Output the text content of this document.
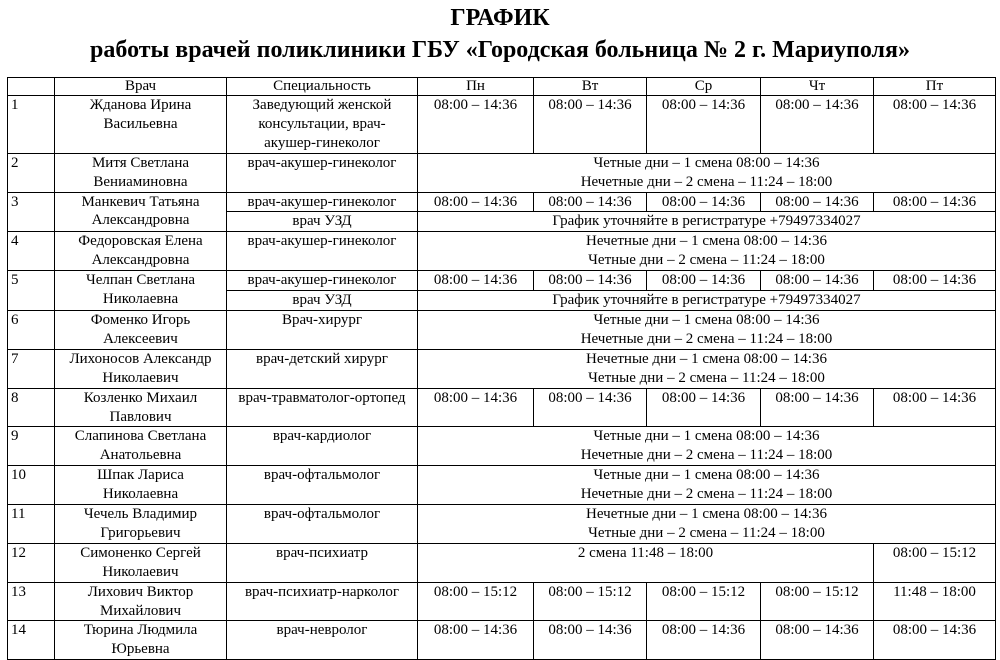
ГРАФИК
работы врачей поликлиники ГБУ «Городская больница № 2 г. Мариуполя»
	Врач	Специальность	Пн	Вт	Ср	Чт	Пт
1	Жданова Ирина
Васильевна	Заведующий женской
консультации, врач-
акушер-гинеколог	08:00 – 14:36	08:00 – 14:36	08:00 – 14:36	08:00 – 14:36	08:00 – 14:36
2	Митя Светлана
Вениаминовна	врач-акушер-гинеколог	Четные дни – 1 смена 08:00 – 14:36
Нечетные дни – 2 смена – 11:24 – 18:00				

3	Манкевич Татьяна
Александровна	врач-акушер-гинеколог	08:00 – 14:36	08:00 – 14:36	08:00 – 14:36	08:00 – 14:36	08:00 – 14:36
		врач УЗД	График уточняйте в регистратуре +79497334027				
4	Федоровская Елена
Александровна	врач-акушер-гинеколог	Нечетные дни – 1 смена 08:00 – 14:36
Четные дни – 2 смена – 11:24 – 18:00				

5	Челпан Светлана
Николаевна	врач-акушер-гинеколог	08:00 – 14:36	08:00 – 14:36	08:00 – 14:36	08:00 – 14:36	08:00 – 14:36
		врач УЗД	График уточняйте в регистратуре +79497334027				
6	Фоменко Игорь
Алексеевич	Врач-хирург	Четные дни – 1 смена 08:00 – 14:36
Нечетные дни – 2 смена – 11:24 – 18:00				

7	Лихоносов Александр
Николаевич	врач-детский хирург	Нечетные дни – 1 смена 08:00 – 14:36
Четные дни – 2 смена – 11:24 – 18:00				

8	Козленко Михаил
Павлович	врач-травматолог-ортопед	08:00 – 14:36	08:00 – 14:36	08:00 – 14:36	08:00 – 14:36	08:00 – 14:36
9	Слапинова Светлана
Анатольевна	врач-кардиолог	Четные дни – 1 смена 08:00 – 14:36
Нечетные дни – 2 смена – 11:24 – 18:00				

10	Шпак Лариса
Николаевна	врач-офтальмолог	Четные дни – 1 смена 08:00 – 14:36
Нечетные дни – 2 смена – 11:24 – 18:00				

11	Чечель Владимир
Григорьевич	врач-офтальмолог	Нечетные дни – 1 смена 08:00 – 14:36
Четные дни – 2 смена – 11:24 – 18:00				

12	Симоненко Сергей
Николаевич	врач-психиатр	2 смена 11:48 – 18:00				08:00 – 15:12
13	Лихович Виктор
Михайлович	врач-психиатр-нарколог	08:00 – 15:12	08:00 – 15:12	08:00 – 15:12	08:00 – 15:12	11:48 – 18:00
14	Тюрина Людмила
Юрьевна	врач-невролог	08:00 – 14:36	08:00 – 14:36	08:00 – 14:36	08:00 – 14:36	08:00 – 14:36
